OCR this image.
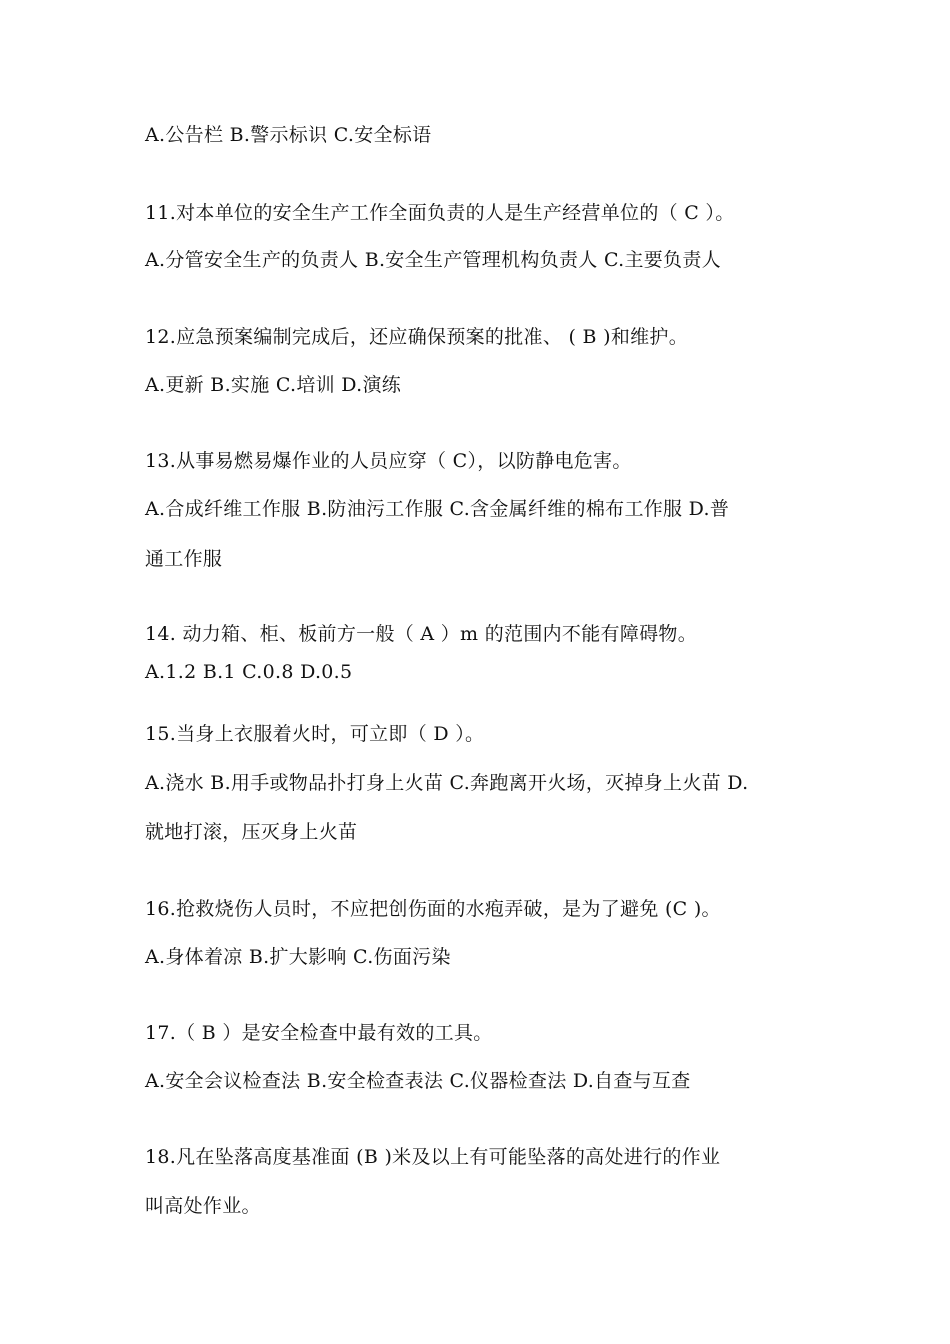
A.公告栏 B.警示标识 C.安全标语
11.对本单位的安全生产工作全面负责的人是生产经营单位的（ C ）。
A.分管安全生产的负责人 B.安全生产管理机构负责人 C.主要负责人
12.应急预案编制完成后，还应确保预案的批准、 ( B )和维护。
A.更新 B.实施 C.培训 D.演练
13.从事易燃易爆作业的人员应穿（ C），以防静电危害。
A.合成纤维工作服 B.防油污工作服 C.含金属纤维的棉布工作服 D.普
通工作服
14. 动力箱、柜、板前方一般（ A ）m 的范围内不能有障碍物。
A.1.2 B.1 C.0.8 D.0.5
15.当身上衣服着火时，可立即（ D ）。
A.浇水 B.用手或物品扑打身上火苗 C.奔跑离开火场，灭掉身上火苗 D.
就地打滚，压灭身上火苗
16.抢救烧伤人员时，不应把创伤面的水疱弄破，是为了避免 (C )。
A.身体着凉 B.扩大影响 C.伤面污染
17.（ B ）是安全检查中最有效的工具。
A.安全会议检查法 B.安全检查表法 C.仪器检查法 D.自查与互查
18.凡在坠落高度基准面 (B )米及以上有可能坠落的高处进行的作业
叫高处作业。
